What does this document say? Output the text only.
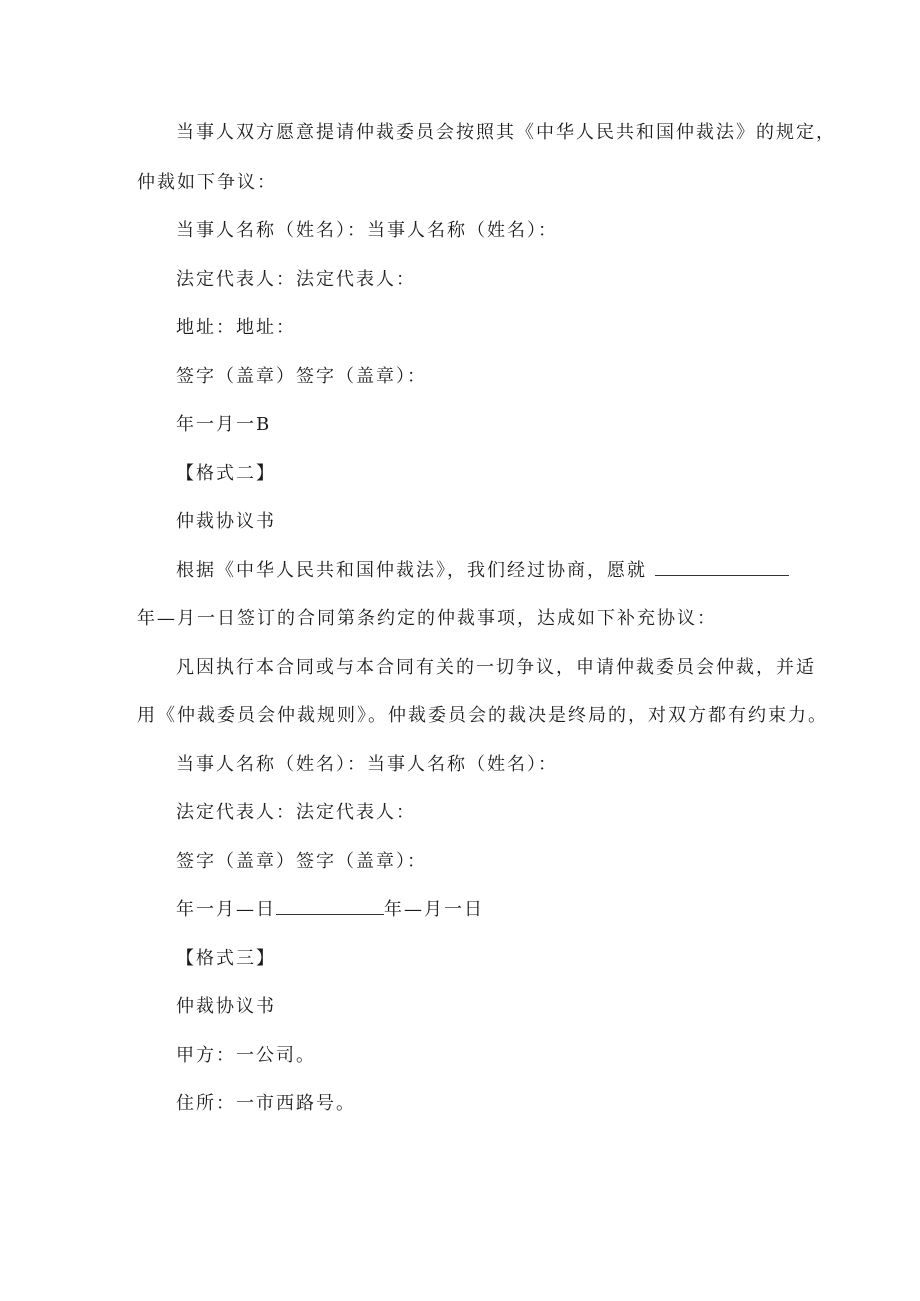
当事人双方愿意提请仲裁委员会按照其《中华人民共和国仲裁法》的规定，
仲裁如下争议：
当事人名称（姓名）：当事人名称（姓名）：
法定代表人：法定代表人：
地址：地址：
签字（盖章）签字（盖章）：
年一月一B
【格式二】
仲裁协议书
根据《中华人民共和国仲裁法》，我们经过协商，愿就
年—月一日签订的合同第条约定的仲裁事项，达成如下补充协议：
凡因执行本合同或与本合同有关的一切争议，申请仲裁委员会仲裁，并适
用《仲裁委员会仲裁规则》。仲裁委员会的裁决是终局的，对双方都有约束力。
当事人名称（姓名）：当事人名称（姓名）：
法定代表人：法定代表人：
签字（盖章）签字（盖章）：
年一月—日	年—月一日
【格式三】
仲裁协议书
甲方：一公司。
住所：一市西路号。
